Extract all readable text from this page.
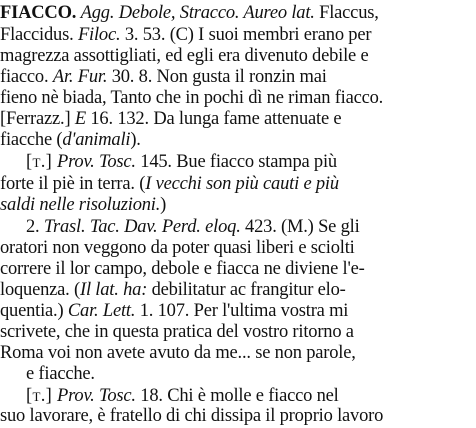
FIACCO. Agg. Debole, Stracco. Aureo lat. Flaccus,
Flaccidus. Filoc. 3. 53. (C) I suoi membri erano per
magrezza assottigliati, ed egli era divenuto debile e
fiacco. Ar. Fur. 30. 8. Non gusta il ronzin mai
fieno nè biada, Tanto che in pochi dì ne riman fiacco.
[Ferrazz.] E 16. 132. Da lunga fame attenuate e
fiacche (d'animali).
[t.] Prov. Tosc. 145. Bue fiacco stampa più
forte il piè in terra. (I vecchi son più cauti e più
saldi nelle risoluzioni.)
2. Trasl. Tac. Dav. Perd. eloq. 423. (M.) Se gli
oratori non veggono da poter quasi liberi e sciolti
correre il lor campo, debole e fiacca ne diviene l'e-
loquenza. (Il lat. ha: debilitatur ac frangitur elo-
quentia.) Car. Lett. 1. 107. Per l'ultima vostra mi
scrivete, che in questa pratica del vostro ritorno a
Roma voi non avete avuto da me... se non parole,
e fiacche.
[t.] Prov. Tosc. 18. Chi è molle e fiacco nel
suo lavorare, è fratello di chi dissipa il proprio lavoro
